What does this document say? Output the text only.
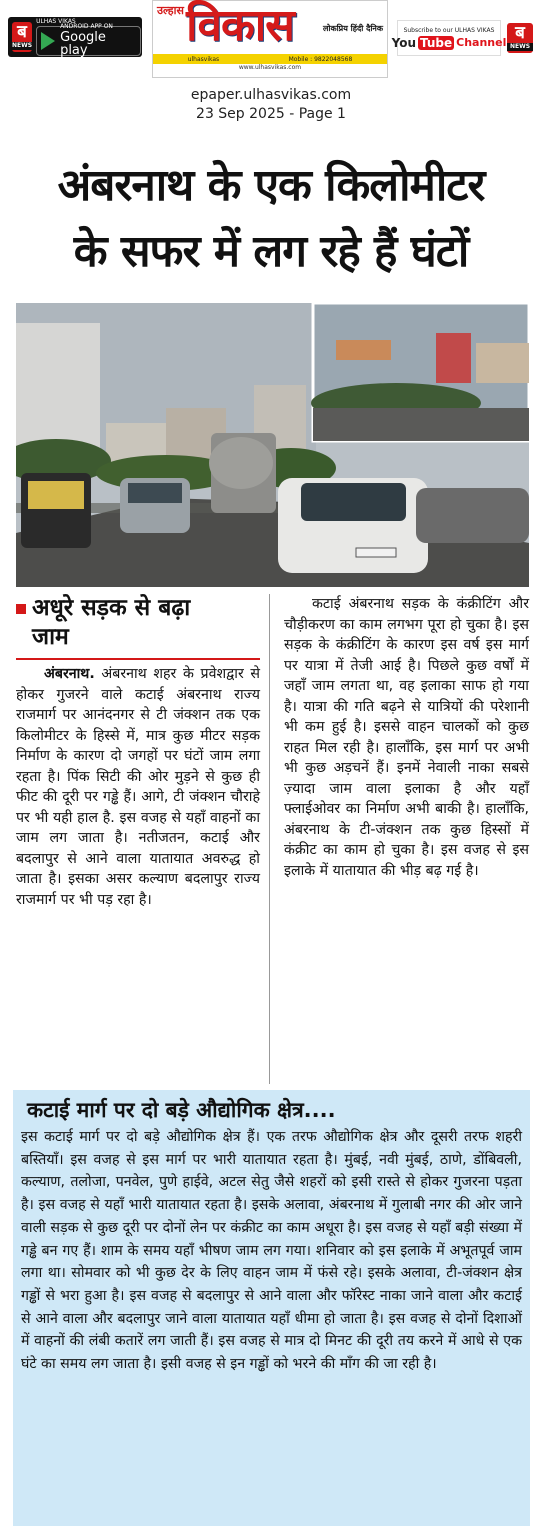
ब
NEWS
ULHAS VIKAS
ANDROID APP ON
Google play
उल्हास
लोकप्रिय हिंदी दैनिक
विकास
ulhasvikas	Mobile : 9822048568
www.ulhasvikas.com
Subscribe to our ULHAS VIKAS
You Tube Channel ब
NEWS
epaper.ulhasvikas.com
23 Sep 2025 - Page 1
अंबरनाथ के एक किलोमीटर
के सफर में लग रहे हैं घंटों
अधूरे सड़क से बढ़ा
जाम
अंबरनाथ. अंबरनाथ शहर के प्रवेशद्वार से होकर गुजरने वाले कटाई अंबरनाथ राज्य राजमार्ग पर आनंदनगर से टी जंक्शन तक एक किलोमीटर के हिस्से में, मात्र कुछ मीटर सड़क निर्माण के कारण दो जगहों पर घंटों जाम लगा रहता है। पिंक सिटी की ओर मुड़ने से कुछ ही फीट की दूरी पर गड्ढे हैं। आगे, टी जंक्शन चौराहे पर भी यही हाल है. इस वजह से यहाँ वाहनों का जाम लग जाता है। नतीजतन, कटाई और बदलापुर से आने वाला यातायात अवरुद्ध हो जाता है। इसका असर कल्याण बदलापुर राज्य राजमार्ग पर भी पड़ रहा है।
कटाई अंबरनाथ सड़क के कंक्रीटिंग और चौड़ीकरण का काम लगभग पूरा हो चुका है। इस सड़क के कंक्रीटिंग के कारण इस वर्ष इस मार्ग पर यात्रा में तेजी आई है। पिछले कुछ वर्षों में जहाँ जाम लगता था, वह इलाका साफ हो गया है। यात्रा की गति बढ़ने से यात्रियों की परेशानी भी कम हुई है। इससे वाहन चालकों को कुछ राहत मिल रही है। हालाँकि, इस मार्ग पर अभी भी कुछ अड़चनें हैं। इनमें नेवाली नाका सबसे ज़्यादा जाम वाला इलाका है और यहाँ फ्लाईओवर का निर्माण अभी बाकी है। हालाँकि, अंबरनाथ के टी-जंक्शन तक कुछ हिस्सों में कंक्रीट का काम हो चुका है। इस वजह से इस इलाके में यातायात की भीड़ बढ़ गई है।
कटाई मार्ग पर दो बड़े औद्योगिक क्षेत्र....
इस कटाई मार्ग पर दो बड़े औद्योगिक क्षेत्र हैं। एक तरफ औद्योगिक क्षेत्र और दूसरी तरफ शहरी बस्तियाँ। इस वजह से इस मार्ग पर भारी यातायात रहता है। मुंबई, नवी मुंबई, ठाणे, डोंबिवली, कल्याण, तलोजा, पनवेल, पुणे हाईवे, अटल सेतु जैसे शहरों को इसी रास्ते से होकर गुजरना पड़ता है। इस वजह से यहाँ भारी यातायात रहता है। इसके अलावा, अंबरनाथ में गुलाबी नगर की ओर जाने वाली सड़क से कुछ दूरी पर दोनों लेन पर कंक्रीट का काम अधूरा है। इस वजह से यहाँ बड़ी संख्या में गड्ढे बन गए हैं। शाम के समय यहाँ भीषण जाम लग गया। शनिवार को इस इलाके में अभूतपूर्व जाम लगा था। सोमवार को भी कुछ देर के लिए वाहन जाम में फंसे रहे। इसके अलावा, टी-जंक्शन क्षेत्र गड्ढों से भरा हुआ है। इस वजह से बदलापुर से आने वाला और फॉरेस्ट नाका जाने वाला और कटाई से आने वाला और बदलापुर जाने वाला यातायात यहाँ धीमा हो जाता है। इस वजह से दोनों दिशाओं में वाहनों की लंबी कतारें लग जाती हैं। इस वजह से मात्र दो मिनट की दूरी तय करने में आधे से एक घंटे का समय लग जाता है। इसी वजह से इन गड्ढों को भरने की माँग की जा रही है।
